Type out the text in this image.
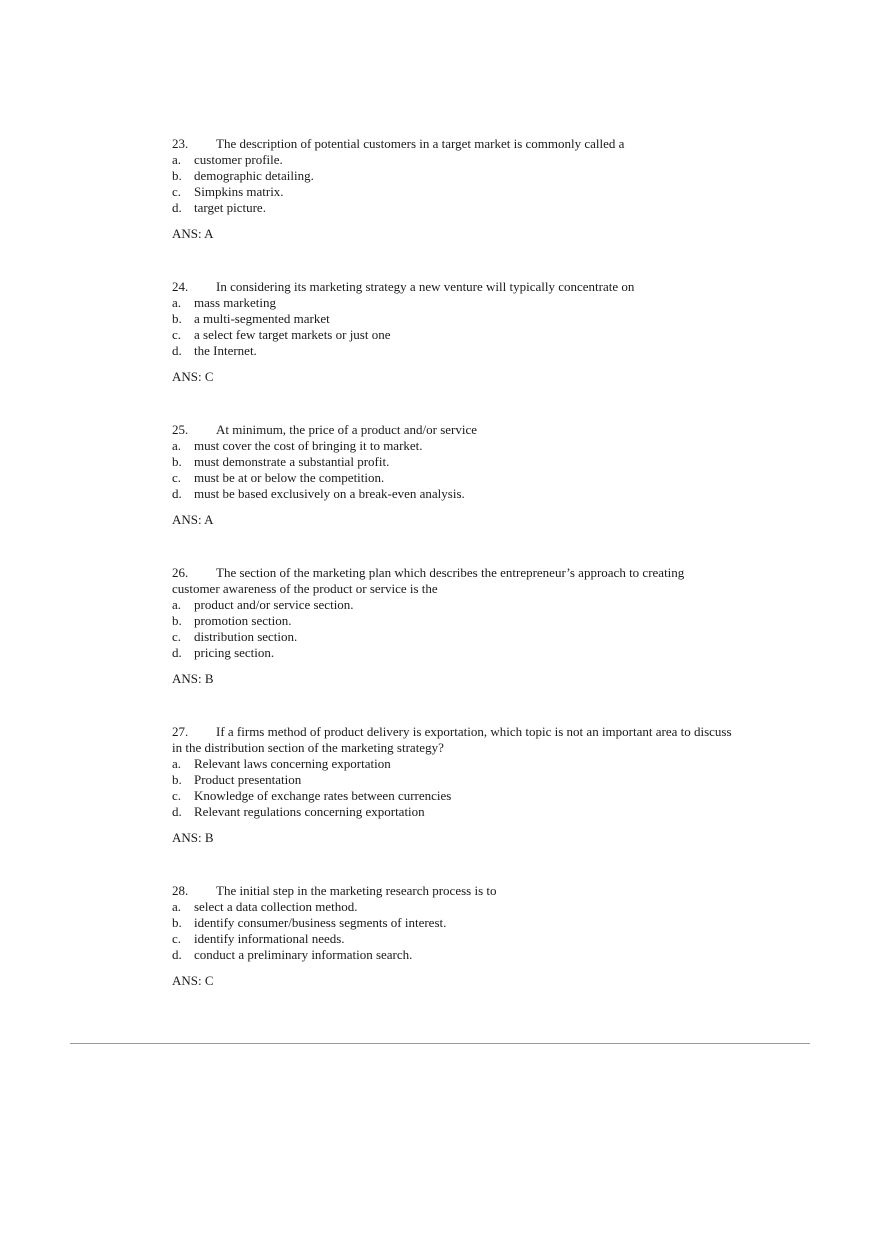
23. The description of potential customers in a target market is commonly called a
a. customer profile.
b. demographic detailing.
c. Simpkins matrix.
d. target picture.
ANS: A
24. In considering its marketing strategy a new venture will typically concentrate on
a. mass marketing
b. a multi-segmented market
c. a select few target markets or just one
d. the Internet.
ANS: C
25. At minimum, the price of a product and/or service
a. must cover the cost of bringing it to market.
b. must demonstrate a substantial profit.
c. must be at or below the competition.
d. must be based exclusively on a break-even analysis.
ANS: A
26. The section of the marketing plan which describes the entrepreneur’s approach to creating customer awareness of the product or service is the
a. product and/or service section.
b. promotion section.
c. distribution section.
d. pricing section.
ANS: B
27. If a firms method of product delivery is exportation, which topic is not an important area to discuss in the distribution section of the marketing strategy?
a. Relevant laws concerning exportation
b. Product presentation
c. Knowledge of exchange rates between currencies
d. Relevant regulations concerning exportation
ANS: B
28. The initial step in the marketing research process is to
a. select a data collection method.
b. identify consumer/business segments of interest.
c. identify informational needs.
d. conduct a preliminary information search.
ANS: C
